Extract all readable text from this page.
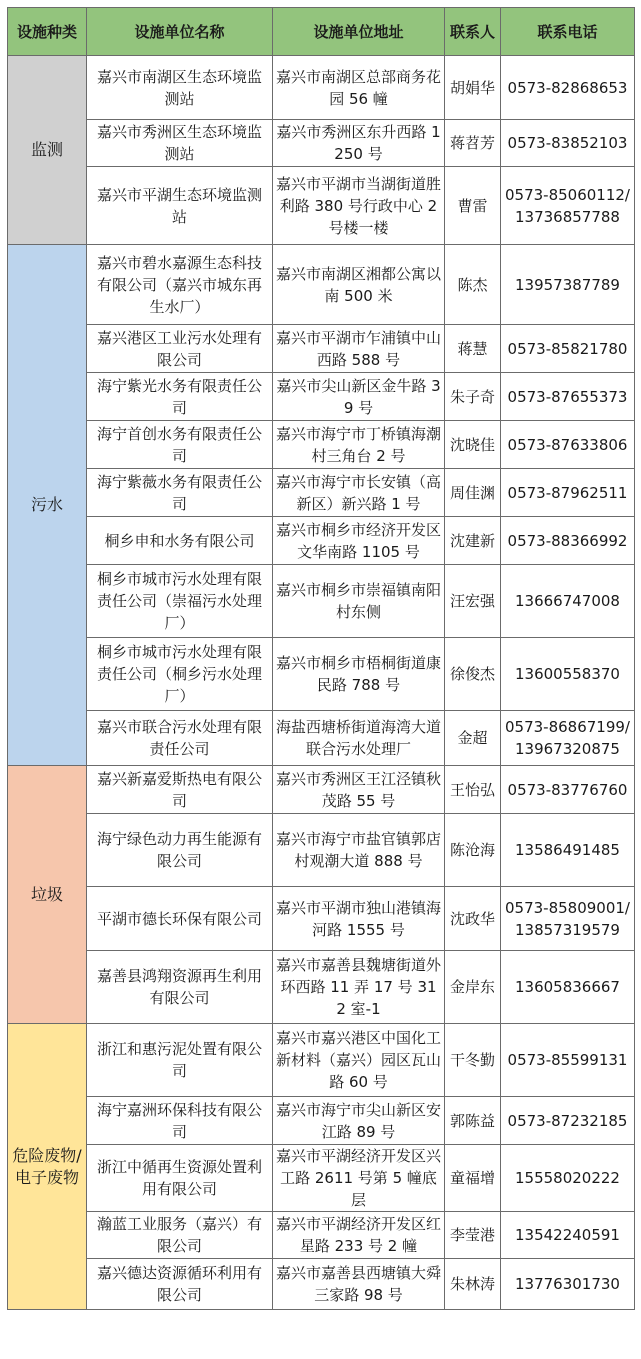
设施种类	设施单位名称	设施单位地址	联系人	联系电话
监测	嘉兴市南湖区生态环境监测站	嘉兴市南湖区总部商务花园 56 幢	胡娟华	0573-82868653
	嘉兴市秀洲区生态环境监测站	嘉兴市秀洲区东升西路 1250 号	蒋苕芳	0573-83852103
	嘉兴市平湖生态环境监测站	嘉兴市平湖市当湖街道胜利路 380 号行政中心 2 号楼一楼	曹雷	0573-85060112/13736857788
污水	嘉兴市碧水嘉源生态科技有限公司（嘉兴市城东再生水厂）	嘉兴市南湖区湘都公寓以南 500 米	陈杰	13957387789
	嘉兴港区工业污水处理有限公司	嘉兴市平湖市乍浦镇中山西路 588 号	蒋慧	0573-85821780
	海宁紫光水务有限责任公司	嘉兴市尖山新区金牛路 39 号	朱子奇	0573-87655373
	海宁首创水务有限责任公司	嘉兴市海宁市丁桥镇海潮村三角台 2 号	沈晓佳	0573-87633806
	海宁紫薇水务有限责任公司	嘉兴市海宁市长安镇（高新区）新兴路 1 号	周佳渊	0573-87962511
	桐乡申和水务有限公司	嘉兴市桐乡市经济开发区文华南路 1105 号	沈建新	0573-88366992
	桐乡市城市污水处理有限责任公司（崇福污水处理厂）	嘉兴市桐乡市崇福镇南阳村东侧	汪宏强	13666747008
	桐乡市城市污水处理有限责任公司（桐乡污水处理厂）	嘉兴市桐乡市梧桐街道康民路 788 号	徐俊杰	13600558370
	嘉兴市联合污水处理有限责任公司	海盐西塘桥街道海湾大道联合污水处理厂	金超	0573-86867199/13967320875
垃圾	嘉兴新嘉爱斯热电有限公司	嘉兴市秀洲区王江泾镇秋茂路 55 号	王怡弘	0573-83776760
	海宁绿色动力再生能源有限公司	嘉兴市海宁市盐官镇郭店村观潮大道 888 号	陈沧海	13586491485
	平湖市德长环保有限公司	嘉兴市平湖市独山港镇海河路 1555 号	沈政华	0573-85809001/13857319579
	嘉善县鸿翔资源再生利用有限公司	嘉兴市嘉善县魏塘街道外环西路 11 弄 17 号 312 室-1	金岸东	13605836667
危险废物/电子废物	浙江和惠污泥处置有限公司	嘉兴市嘉兴港区中国化工新材料（嘉兴）园区瓦山路 60 号	干冬勤	0573-85599131
	海宁嘉洲环保科技有限公司	嘉兴市海宁市尖山新区安江路 89 号	郭陈益	0573-87232185
	浙江中循再生资源处置利用有限公司	嘉兴市平湖经济开发区兴工路 2611 号第 5 幢底层	童福增	15558020222
	瀚蓝工业服务（嘉兴）有限公司	嘉兴市平湖经济开发区红星路 233 号 2 幢	李莹港	13542240591
	嘉兴德达资源循环利用有限公司	嘉兴市嘉善县西塘镇大舜三家路 98 号	朱林涛	13776301730
